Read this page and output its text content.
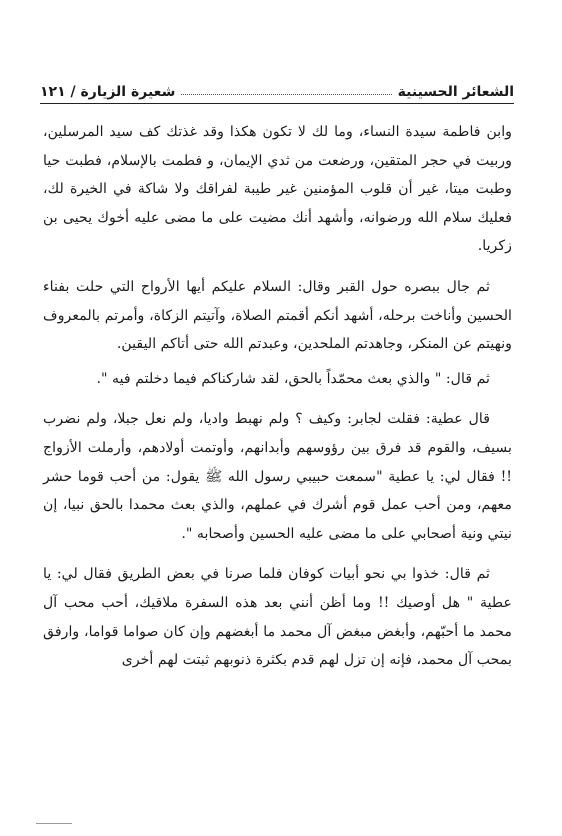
الشعائر الحسينية
شعيرة الزيارة / ١٢١

وابن فاطمة سيدة النساء، وما لك لا تكون هكذا وقد غذتك كف سيد المرسلين، وربيت في حجر المتقين، ورضعت من ثدي الإيمان، و فطمت بالإسلام، فطبت حيا وطبت ميتا، غير أن قلوب المؤمنين غير طيبة لفراقك ولا شاكة في الخيرة لك، فعليك سلام الله ورضوانه، وأشهد أنك مضيت على ما مضى عليه أخوك يحيى بن زكريا.

ثم جال ببصره حول القبر وقال: السلام عليكم أيها الأرواح التي حلت بفناء الحسين وأناخت برحله، أشهد أنكم أقمتم الصلاة، وآتيتم الزكاة، وأمرتم بالمعروف ونهيتم عن المنكر، وجاهدتم الملحدين، وعبدتم الله حتى أتاكم اليقين.

ثم قال: " والذي بعث محمّداً بالحق، لقد شاركناكم فيما دخلتم فيه ".

قال عطية: فقلت لجابر: وكيف ؟ ولم نهبط واديا، ولم نعل جبلا، ولم نضرب بسيف، والقوم قد فرق بين رؤوسهم وأبدانهم، وأوتمت أولادهم، وأرملت الأزواج !! فقال لي: يا عطية "سمعت حبيبي رسول الله ﷺ يقول: من أحب قوما حشر معهم، ومن أحب عمل قوم أشرك في عملهم، والذي بعث محمدا بالحق نبيا، إن نيتي ونية أصحابي على ما مضى عليه الحسين وأصحابه ".

ثم قال: خذوا بي نحو أبيات كوفان فلما صرنا في بعض الطريق فقال لي: يا عطية " هل أوصيك !! وما أظن أنني بعد هذه السفرة ملاقيك، أحب محب آل محمد ما أحبّهم، وأبغض مبغض آل محمد ما أبغضهم وإن كان صواما قواما، وارفق بمحب آل محمد، فإنه إن تزل لهم قدم بكثرة ذنوبهم ثبتت لهم أخرى
